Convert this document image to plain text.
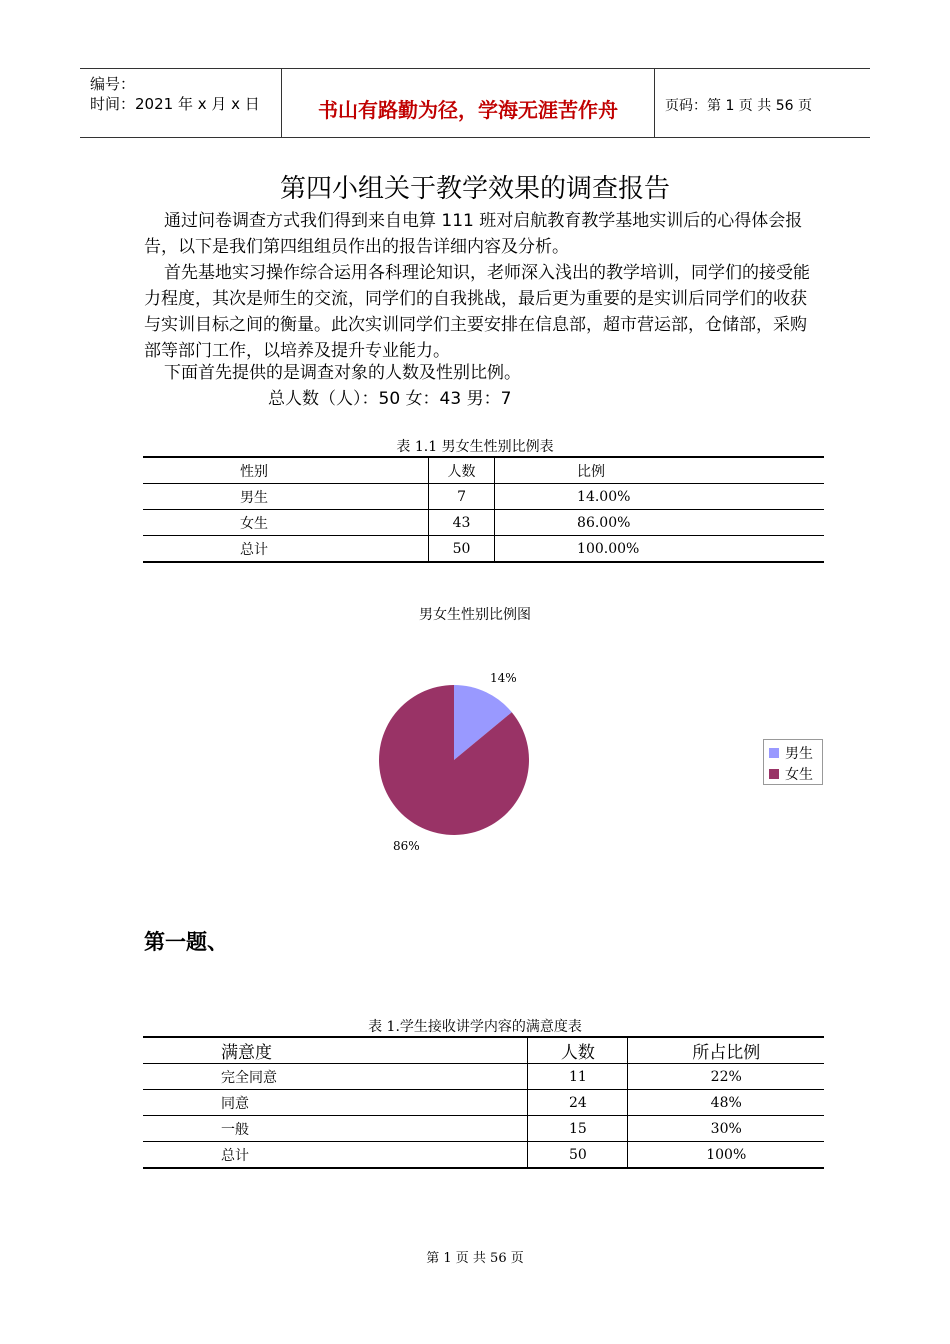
编号：
时间：2021 年 x 月 x 日	书山有路勤为径，学海无涯苦作舟	页码：第 1 页 共 56 页
第四小组关于教学效果的调查报告
通过问卷调查方式我们得到来自电算 111 班对启航教育教学基地实训后的心得体会报告，以下是我们第四组组员作出的报告详细内容及分析。
首先基地实习操作综合运用各科理论知识，老师深入浅出的教学培训，同学们的接受能力程度，其次是师生的交流，同学们的自我挑战，最后更为重要的是实训后同学们的收获与实训目标之间的衡量。此次实训同学们主要安排在信息部，超市营运部，仓储部，采购部等部门工作，以培养及提升专业能力。
下面首先提供的是调查对象的人数及性别比例。
总人数（人）：50 女：43 男：7
表 1.1 男女生性别比例表
性别	人数	比例
男生	7	14.00%
女生	43	86.00%
总计	50	100.00%
男女生性别比例图
14%
86%
男生
女生
第一题、
表 1.学生接收讲学内容的满意度表
满意度	人数	所占比例
完全同意	11	22%
同意	24	48%
一般	15	30%
总计	50	100%
第 1 页 共 56 页
